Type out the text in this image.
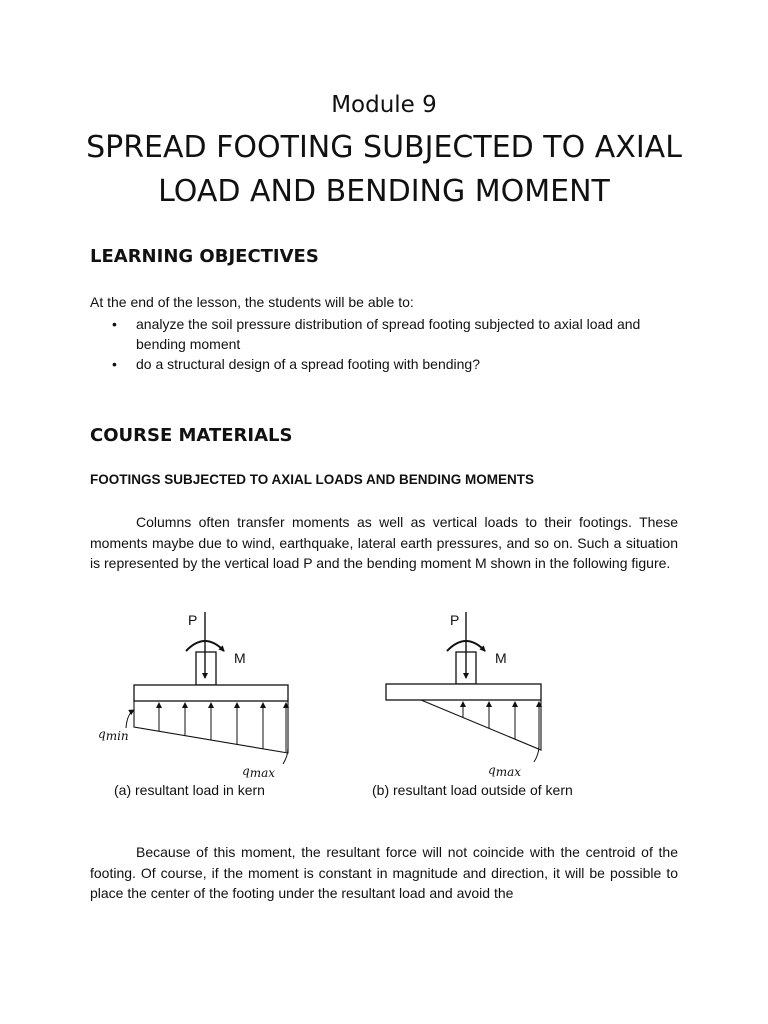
Module 9
SPREAD FOOTING SUBJECTED TO AXIAL LOAD AND BENDING MOMENT
LEARNING OBJECTIVES
At the end of the lesson, the students will be able to:
• analyze the soil pressure distribution of spread footing subjected to axial load and bending moment
• do a structural design of a spread footing with bending?
COURSE MATERIALS
FOOTINGS SUBJECTED TO AXIAL LOADS AND BENDING MOMENTS

Columns often transfer moments as well as vertical loads to their footings. These moments maybe due to wind, earthquake, lateral earth pressures, and so on. Such a situation is represented by the vertical load P and the bending moment M shown in the following figure.

P
M
qmin
qmax
P
M
qmax
(a) resultant load in kern	(b) resultant load outside of kern

Because of this moment, the resultant force will not coincide with the centroid of the footing. Of course, if the moment is constant in magnitude and direction, it will be possible to place the center of the footing under the resultant load and avoid the
